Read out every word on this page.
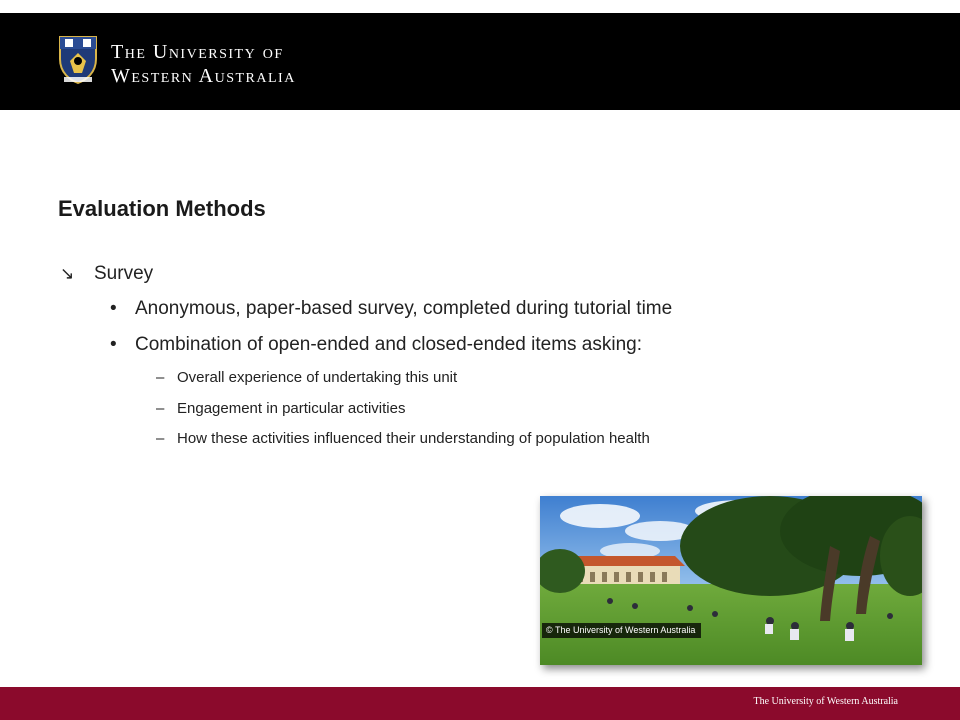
The University of
Western Australia
Evaluation Methods
↘	Survey
• Anonymous, paper-based survey, completed during tutorial time
• Combination of open-ended and closed-ended items asking:
– Overall experience of undertaking this unit
– Engagement in particular activities
– How these activities influenced their understanding of population health
© The University of Western Australia
The University of Western Australia
